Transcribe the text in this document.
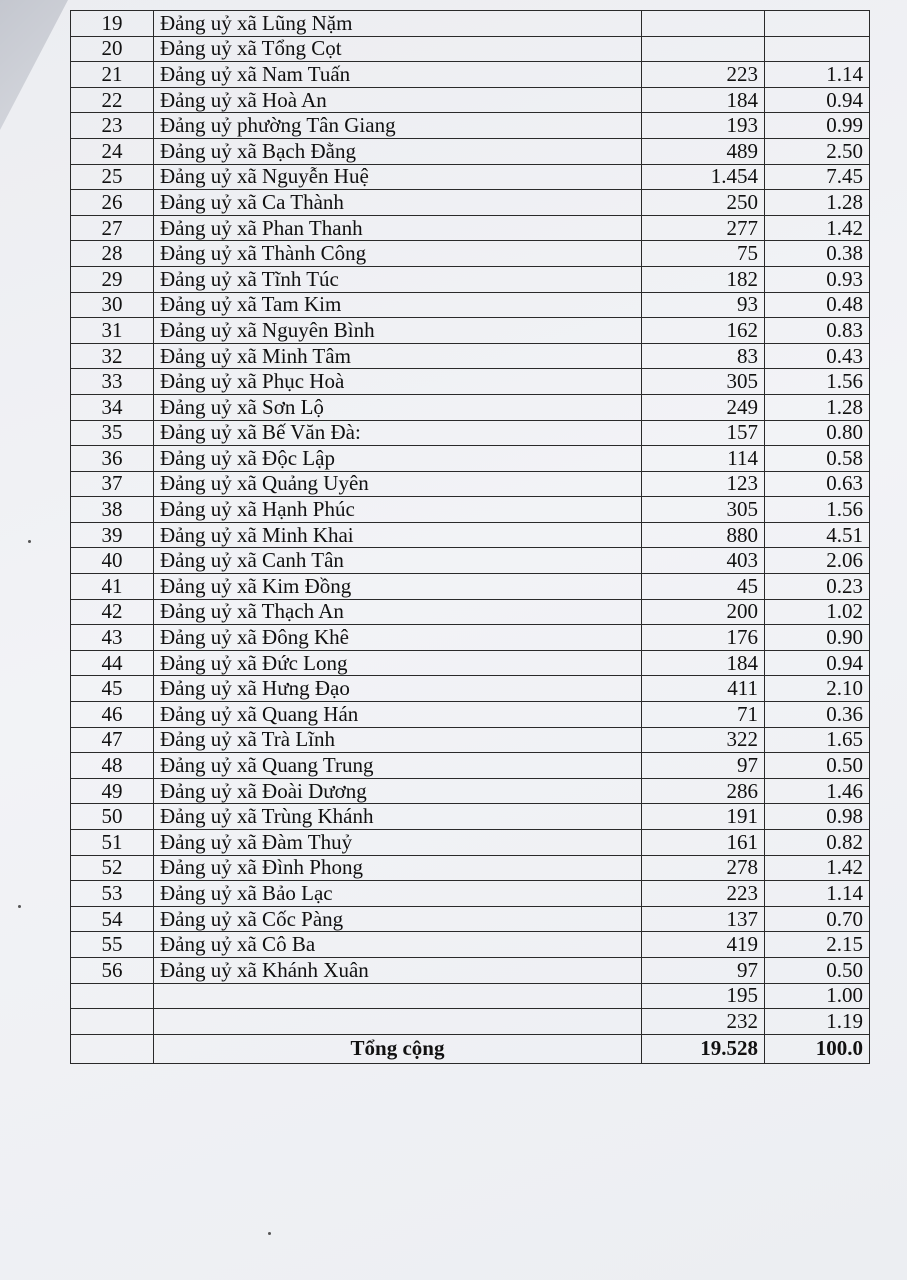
19	Đảng uỷ xã Lũng Nặm		
20	Đảng uỷ xã Tổng Cọt		
21	Đảng uỷ xã Nam Tuấn	223	1.14
22	Đảng uỷ xã Hoà An	184	0.94
23	Đảng uỷ phường Tân Giang	193	0.99
24	Đảng uỷ xã Bạch Đằng	489	2.50
25	Đảng uỷ xã Nguyễn Huệ	1.454	7.45
26	Đảng uỷ xã Ca Thành	250	1.28
27	Đảng uỷ xã Phan Thanh	277	1.42
28	Đảng uỷ xã Thành Công	75	0.38
29	Đảng uỷ xã Tĩnh Túc	182	0.93
30	Đảng uỷ xã Tam Kim	93	0.48
31	Đảng uỷ xã Nguyên Bình	162	0.83
32	Đảng uỷ xã Minh Tâm	83	0.43
33	Đảng uỷ xã Phục Hoà	305	1.56
34	Đảng uỷ xã Sơn Lộ	249	1.28
35	Đảng uỷ xã Bế Văn Đà:	157	0.80
36	Đảng uỷ xã Độc Lập	114	0.58
37	Đảng uỷ xã Quảng Uyên	123	0.63
38	Đảng uỷ xã Hạnh Phúc	305	1.56
39	Đảng uỷ xã Minh Khai	880	4.51
40	Đảng uỷ xã Canh Tân	403	2.06
41	Đảng uỷ xã Kim Đồng	45	0.23
42	Đảng uỷ xã Thạch An	200	1.02
43	Đảng uỷ xã Đông Khê	176	0.90
44	Đảng uỷ xã Đức Long	184	0.94
45	Đảng uỷ xã Hưng Đạo	411	2.10
46	Đảng uỷ xã Quang Hán	71	0.36
47	Đảng uỷ xã Trà Lĩnh	322	1.65
48	Đảng uỷ xã Quang Trung	97	0.50
49	Đảng uỷ xã Đoài Dương	286	1.46
50	Đảng uỷ xã Trùng Khánh	191	0.98
51	Đảng uỷ xã Đàm Thuỷ	161	0.82
52	Đảng uỷ xã Đình Phong	278	1.42
53	Đảng uỷ xã Bảo Lạc	223	1.14
54	Đảng uỷ xã Cốc Pàng	137	0.70
55	Đảng uỷ xã Cô Ba	419	2.15
56	Đảng uỷ xã Khánh Xuân	97	0.50
		195	1.00
		232	1.19
	Tổng cộng	19.528	100.0
